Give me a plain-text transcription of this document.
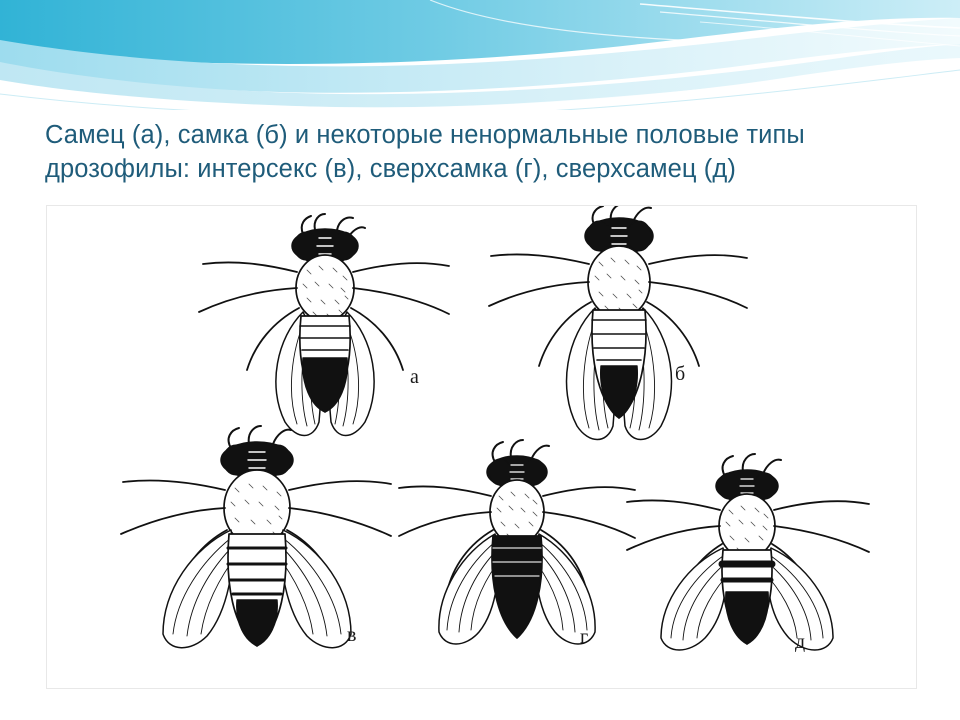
Самец (а), самка (б) и некоторые ненормальные половые типы
дрозофилы: интерсекс (в), сверхсамка (г), сверхсамец (д)
а	б
в	г	д
